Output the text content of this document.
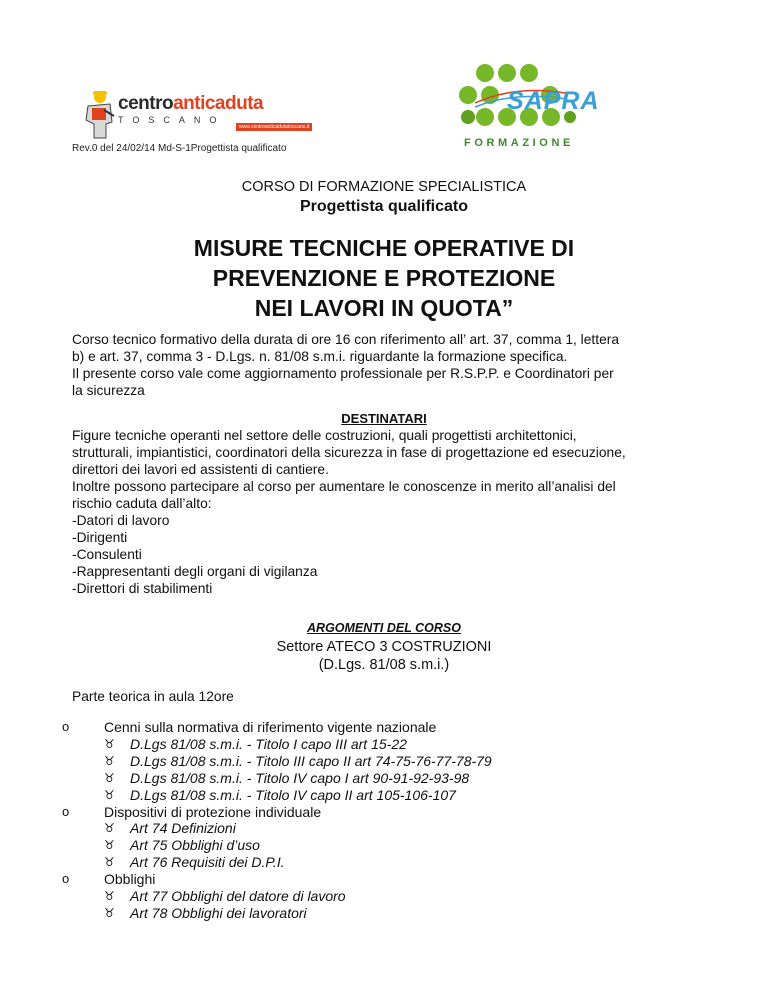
centroanticaduta
TOSCANO
www.centroanticadutatoscano.it
Rev.0 del 24/02/14 Md-S-1Progettista qualificato
SAPRA
FORMAZIONE
CORSO DI FORMAZIONE SPECIALISTICA
Progettista qualificato
MISURE TECNICHE OPERATIVE DI
PREVENZIONE E PROTEZIONE
NEI LAVORI IN QUOTA”
Corso tecnico formativo della durata di ore 16 con riferimento all’ art. 37, comma 1, lettera
b) e art. 37, comma 3 - D.Lgs. n. 81/08 s.m.i. riguardante la formazione specifica.
Il presente corso vale come aggiornamento professionale per R.S.P.P. e Coordinatori per
la sicurezza
DESTINATARI
Figure tecniche operanti nel settore delle costruzioni, quali progettisti architettonici,
strutturali, impiantistici, coordinatori della sicurezza in fase di progettazione ed esecuzione,
direttori dei lavori ed assistenti di cantiere.
Inoltre possono partecipare al corso per aumentare le conoscenze in merito all’analisi del
rischio caduta dall’alto:
-Datori di lavoro
-Dirigenti
-Consulenti
-Rappresentanti degli organi di vigilanza
-Direttori di stabilimenti
ARGOMENTI DEL CORSO
Settore ATECO 3 COSTRUZIONI
(D.Lgs. 81/08 s.m.i.)
Parte teorica in aula 12ore
o Cenni sulla normativa di riferimento vigente nazionale
♉ D.Lgs 81/08 s.m.i. - Titolo I capo III art 15-22
♉ D.Lgs 81/08 s.m.i. - Titolo III capo II art 74-75-76-77-78-79
♉ D.Lgs 81/08 s.m.i. - Titolo IV capo I art 90-91-92-93-98
♉ D.Lgs 81/08 s.m.i. - Titolo IV capo II art 105-106-107
o Dispositivi di protezione individuale
♉ Art 74 Definizioni
♉ Art 75 Obblighi d’uso
♉ Art 76 Requisiti dei D.P.I.
o Obblighi
♉ Art 77 Obblighi del datore di lavoro
♉ Art 78 Obblighi dei lavoratori
